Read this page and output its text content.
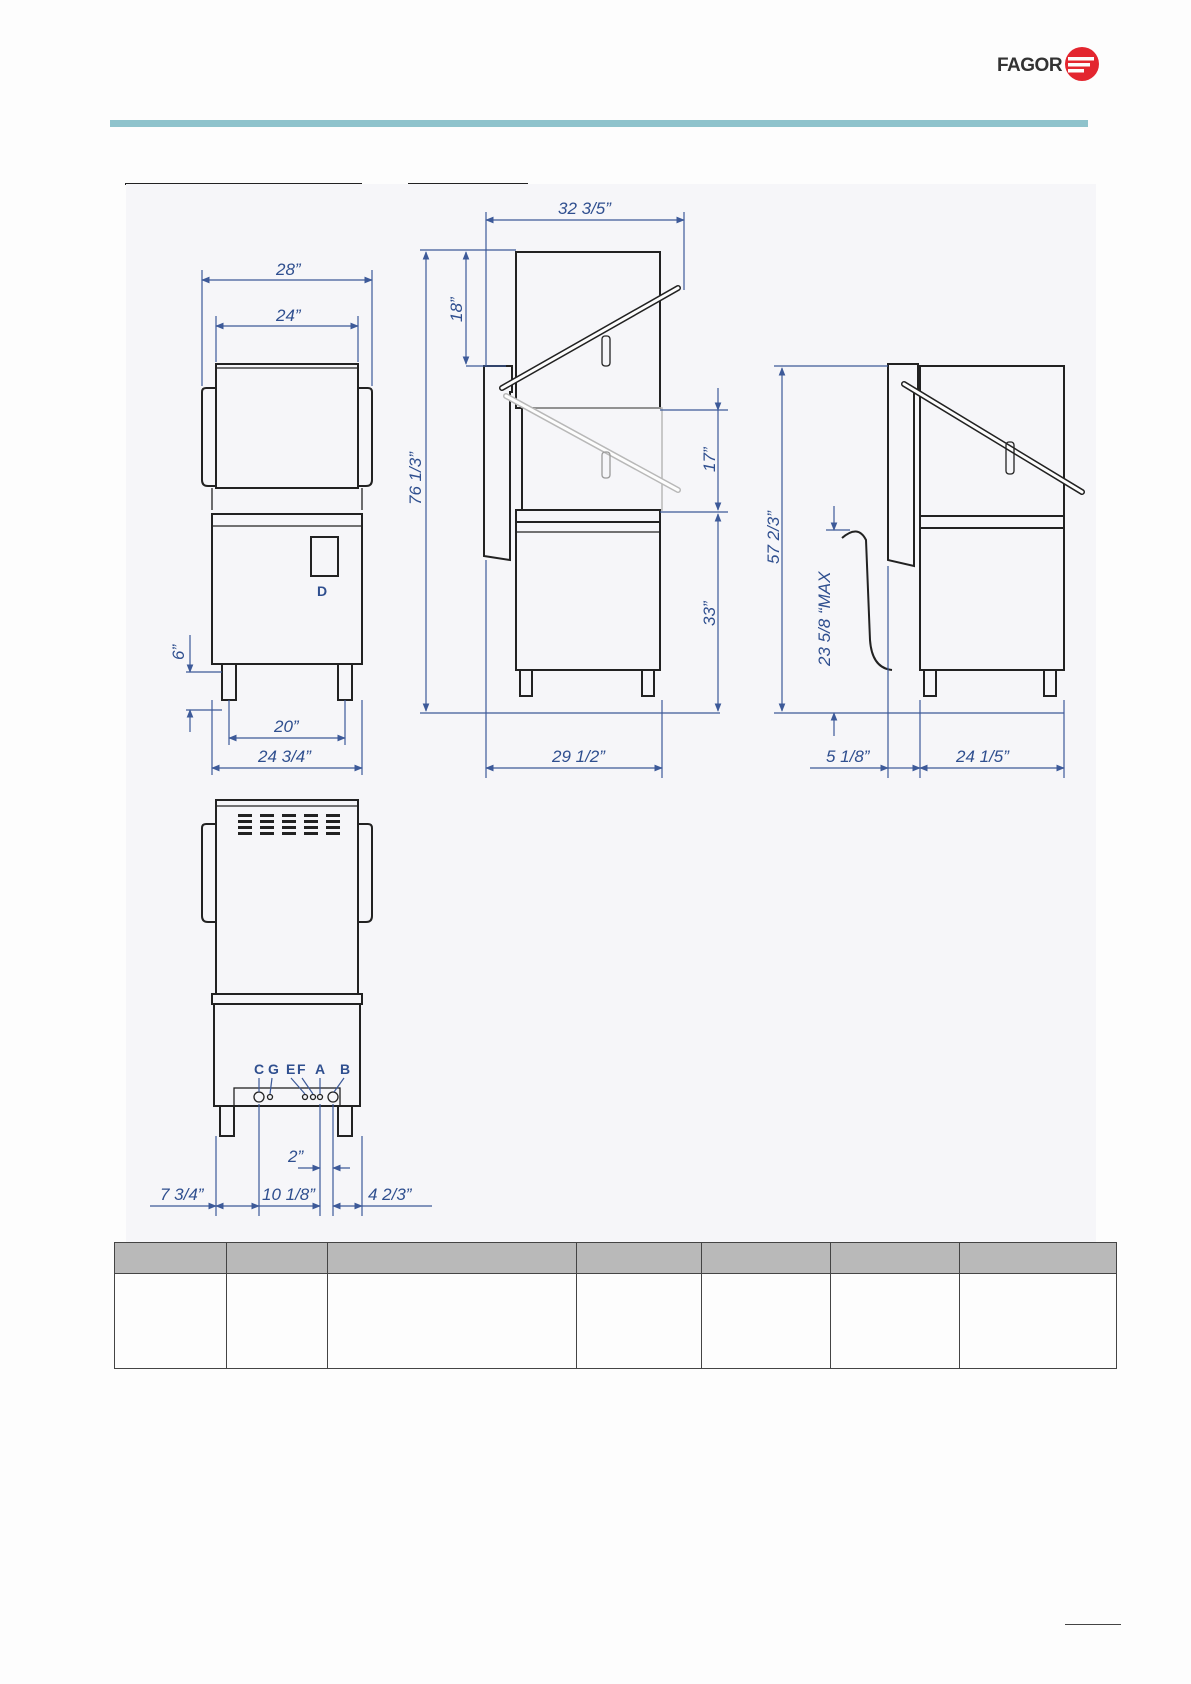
FAGOR
D
28”
24”
6”
20”
24 3/4”
32 3/5”
76 1/3”
18”
17”
33”
29 1/2”
57 2/3”
23 5/8 “MAX
5 1/8”	24 1/5”
C G E F A B
2”
7 3/4”	10 1/8”	4 2/3”
